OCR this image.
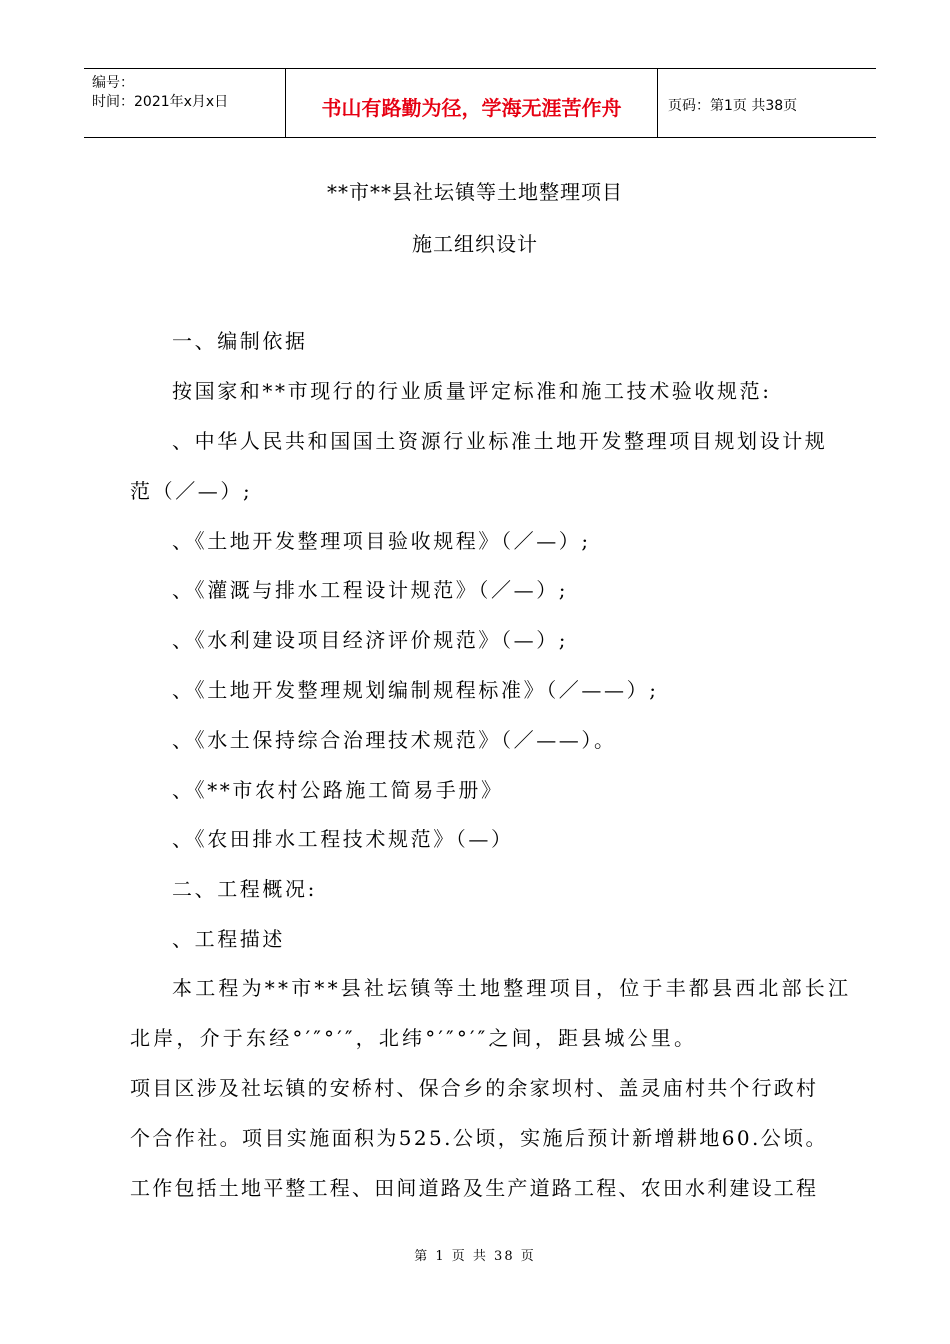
编号：
时间：2021年x月x日	书山有路勤为径，学海无涯苦作舟	页码：第1页 共38页
**市**县社坛镇等土地整理项目
施工组织设计
一、编制依据
按国家和**市现行的行业质量评定标准和施工技术验收规范:
、中华人民共和国国土资源行业标准土地开发整理项目规划设计规
范（／—）;
、《土地开发整理项目验收规程》（／—）;
、《灌溉与排水工程设计规范》（／—）;
、《水利建设项目经济评价规范》（—）;
、《土地开发整理规划编制规程标准》（／——）;
、《水土保持综合治理技术规范》（／——）。
、《**市农村公路施工简易手册》
、《农田排水工程技术规范》（—）
二、工程概况:
、工程描述
本工程为**市**县社坛镇等土地整理项目，位于丰都县西北部长江
北岸，介于东经°′″°′″，北纬°′″°′″之间，距县城公里。
项目区涉及社坛镇的安桥村、保合乡的余家坝村、盖灵庙村共个行政村
个合作社。项目实施面积为525.公顷，实施后预计新增耕地60.公顷。
工作包括土地平整工程、田间道路及生产道路工程、农田水利建设工程
第 1 页 共 38 页
